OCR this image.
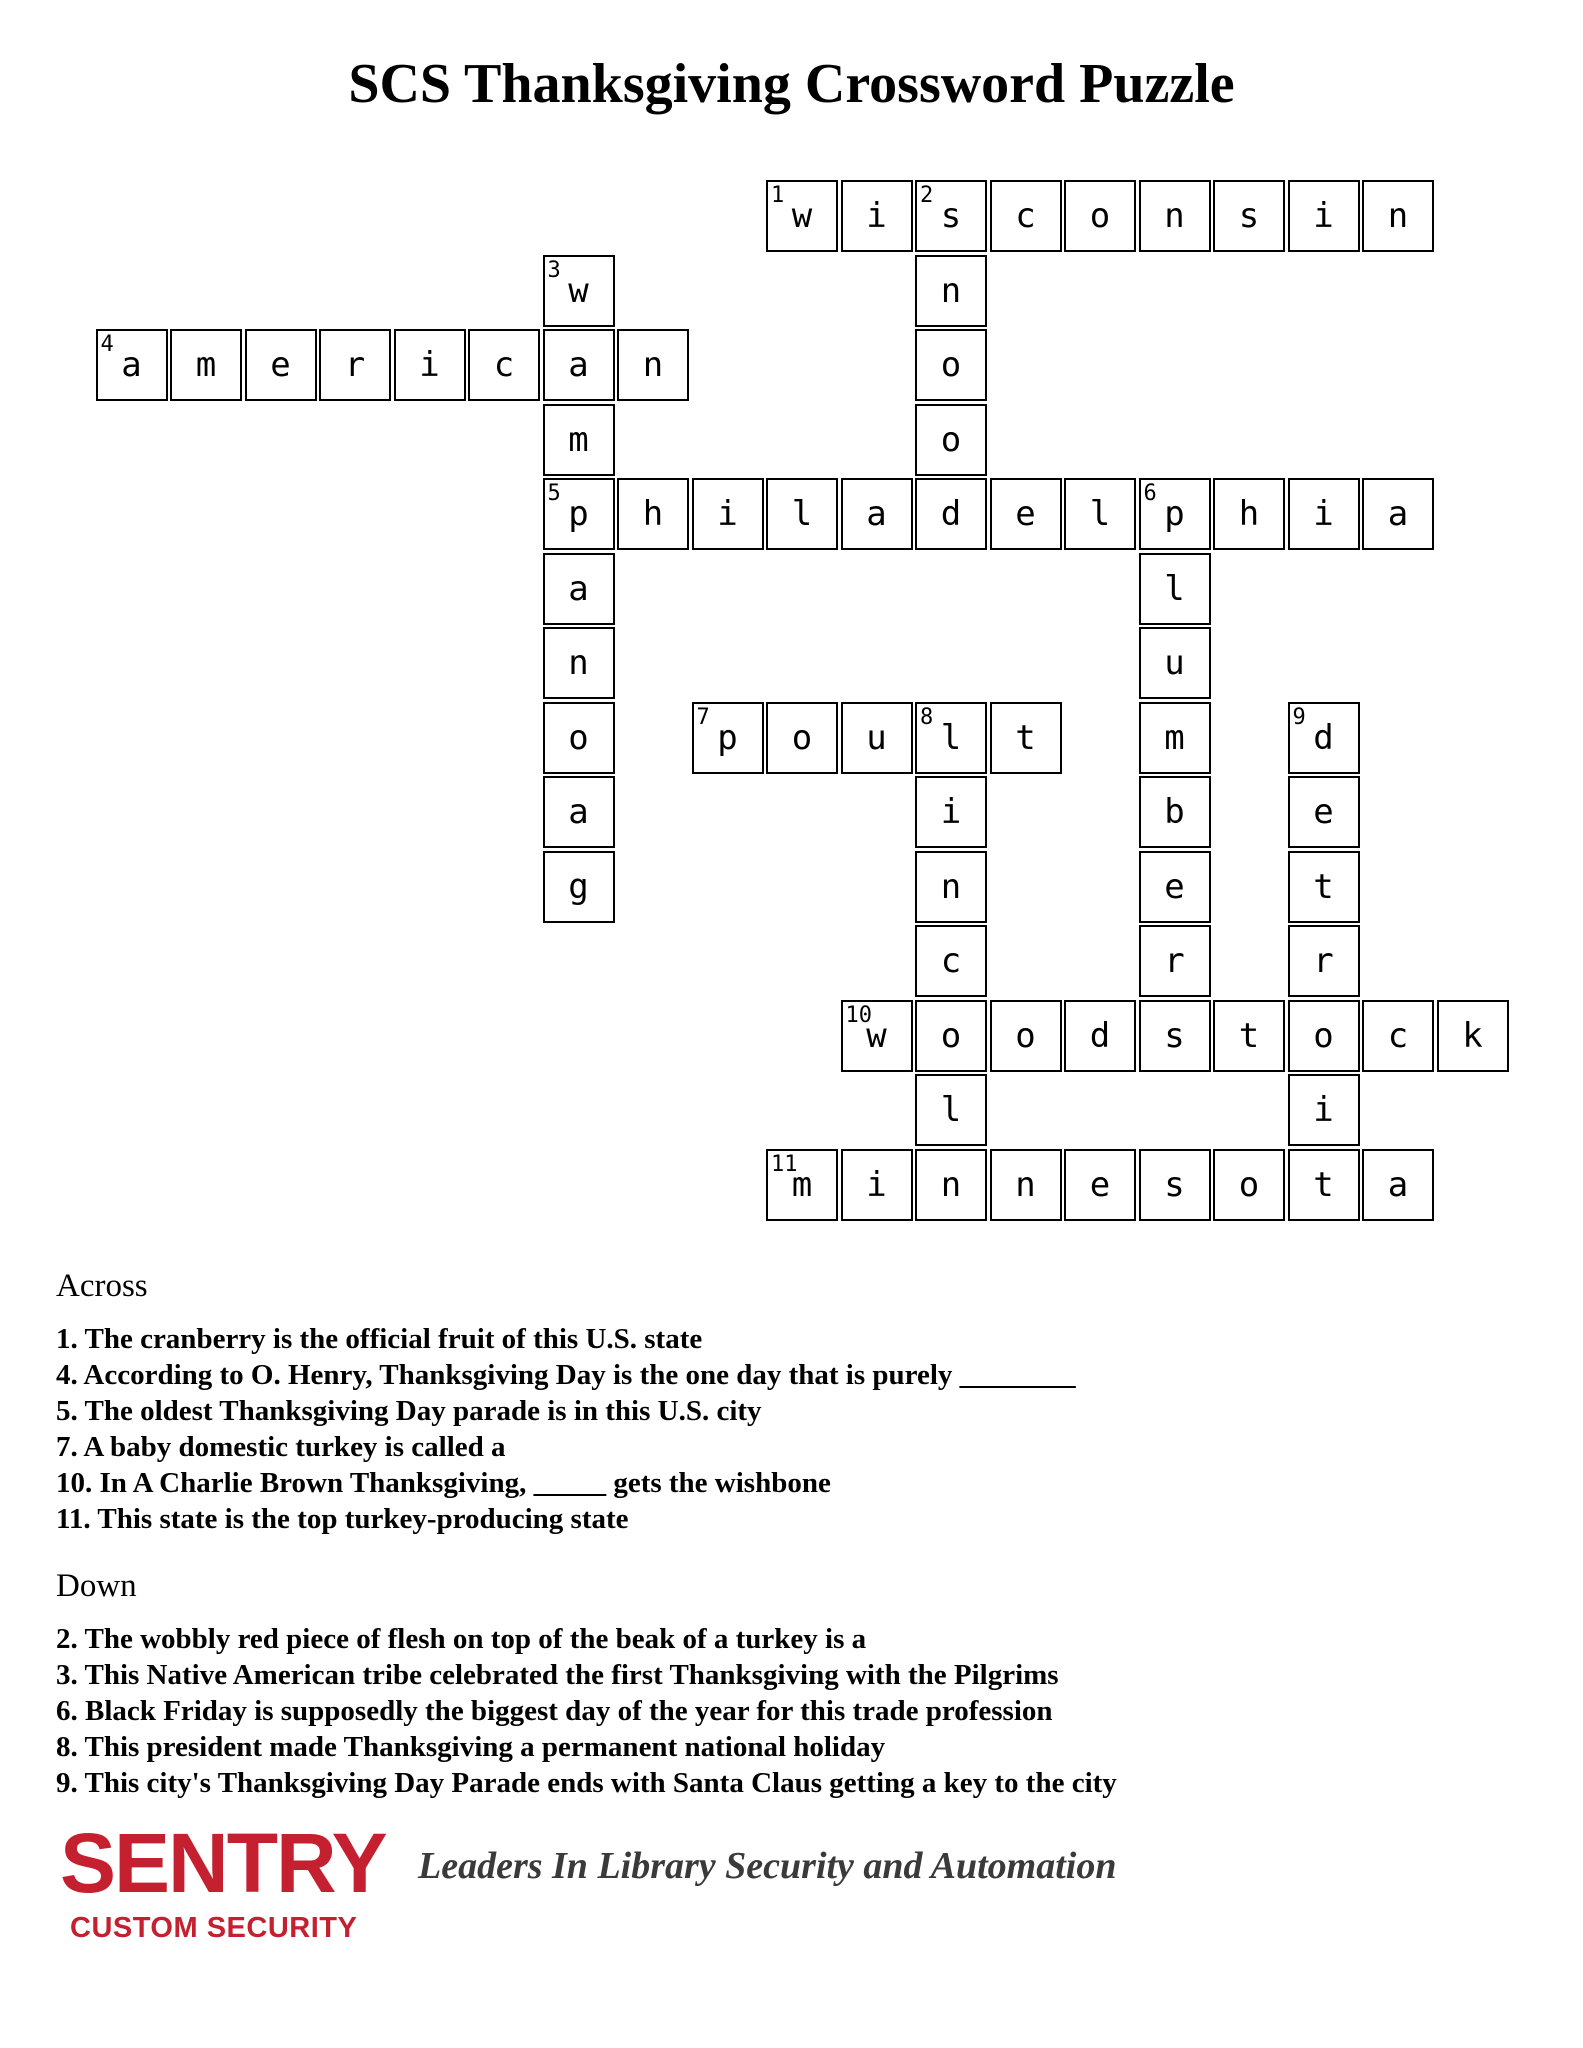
SCS Thanksgiving Crossword Puzzle
w
1
i	s
2
c	o	n	s	i	n
n
o
o
d
w
3
a
m
p
5
a
n
o
a
g
a
4
m	e	r	i	c	n
h	i	l	a	e	l	p
6
h	i	a
l
u
m
b
e
r
p
7
o	u	l
8
t
i
n
c
o
l
n
d
9
e
t
r
o
i
t
w
10
o	d	s	t	c	k
m
11
i	n	e	s	o	a
Across

1. The cranberry is the official fruit of this U.S. state

4. According to O. Henry, Thanksgiving Day is the one day that is purely ________

5. The oldest Thanksgiving Day parade is in this U.S. city

7. A baby domestic turkey is called a

10. In A Charlie Brown Thanksgiving, _____ gets the wishbone

11. This state is the top turkey-producing state

Down

2. The wobbly red piece of flesh on top of the beak of a turkey is a

3. This Native American tribe celebrated the first Thanksgiving with the Pilgrims

6. Black Friday is supposedly the biggest day of the year for this trade profession

8. This president made Thanksgiving a permanent national holiday

9. This city's Thanksgiving Day Parade ends with Santa Claus getting a key to the city

SENTRY
CUSTOM SECURITY
Leaders In Library Security and Automation
